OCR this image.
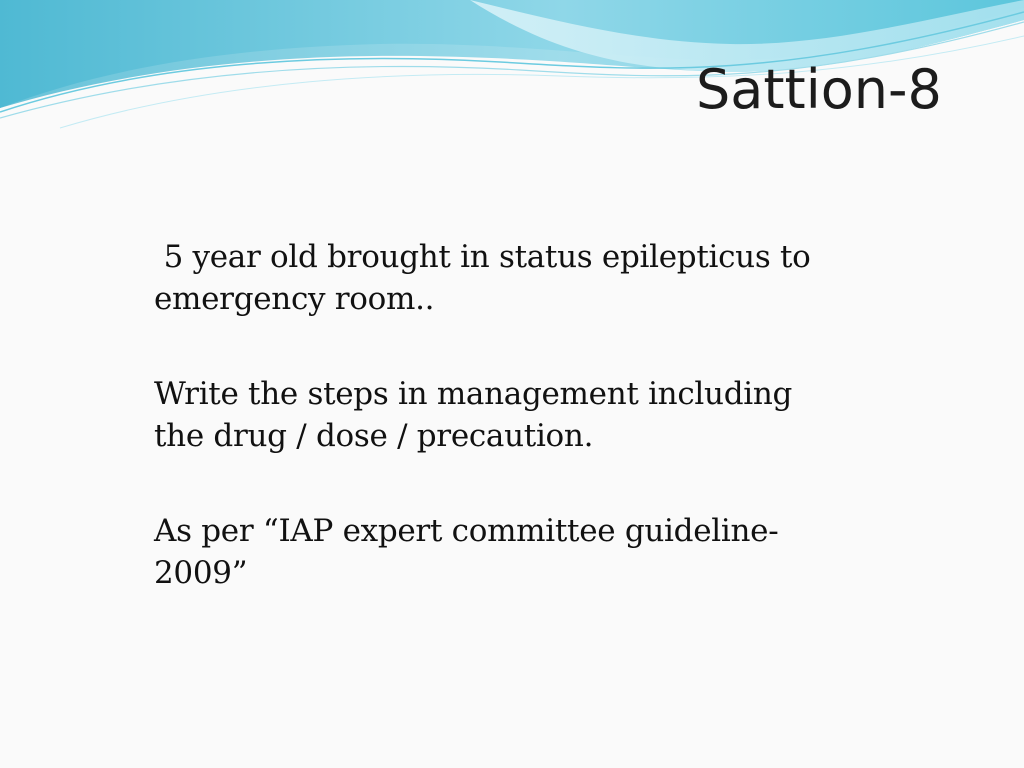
Sattion-8

5 year old brought in status epilepticus to emergency room..

Write the steps in management including the drug / dose / precaution.

As per “IAP expert committee guideline-2009”
